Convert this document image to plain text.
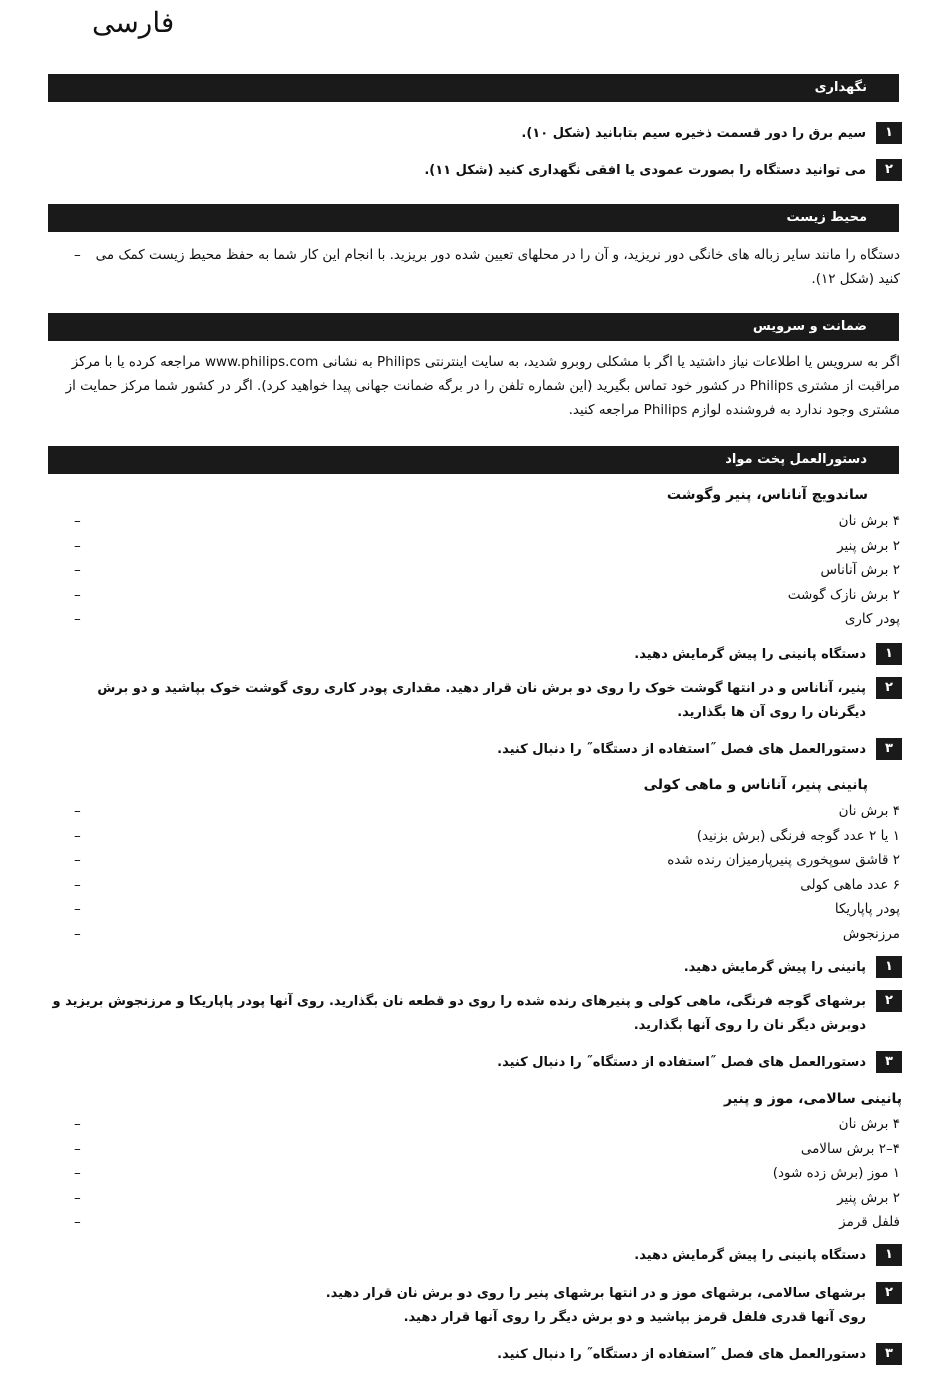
فارسی
نگهداری
۱
سیم برق را دور قسمت ذخیره سیم بتابانید (شکل ۱۰).
۲
می توانید دستگاه را بصورت عمودی یا افقی نگهداری کنید (شکل ۱۱).
محیط زیست
دستگاه را مانند سایر زباله های خانگی دور نریزید، و آن را در محلهای تعیین شده دور بریزید. با انجام این کار شما به حفظ محیط زیست کمک می کنید (شکل ۱۲).
–
ضمانت و سرویس
اگر به سرویس یا اطلاعات نیاز داشتید یا اگر با مشکلی روبرو شدید، به سایت اینترنتی Philips به نشانی www.philips.com مراجعه کرده یا با مرکز مراقبت از مشتری Philips در کشور خود تماس بگیرید (این شماره تلفن را در برگه ضمانت جهانی پیدا خواهید کرد). اگر در کشور شما مرکز حمایت از مشتری وجود ندارد به فروشنده لوازم Philips مراجعه کنید.
دستورالعمل پخت مواد
ساندویچ آناناس، پنیر وگوشت
۴ برش نان
–
۲ برش پنیر
–
۲ برش آناناس
–
۲ برش نازک گوشت
–
پودر کاری
–
۱
دستگاه پانینی را پیش گرمایش دهید.
۲
پنیر، آناناس و در انتها گوشت خوک را روی دو برش نان قرار دهید. مقداری پودر کاری روی گوشت خوک بپاشید و دو برش دیگرنان را روی آن ها بگذارید.
۳
دستورالعمل های فصل ˝استفاده از دستگاه˝ را دنبال کنید.
پانینی پنیر، آناناس و ماهی کولی
۴ برش نان
–
۱ یا ۲ عدد گوجه فرنگی (برش بزنید)
–
۲ قاشق سوپخوری پنیرپارمیزان رنده شده
–
۶ عدد ماهی کولی
–
پودر پاپاریکا
–
مرزنجوش
–
۱
پانینی را پیش گرمایش دهید.
۲
برشهای گوجه فرنگی، ماهی کولی و پنیرهای رنده شده را روی دو قطعه نان بگذارید. روی آنها پودر پاپاریکا و مرزنجوش بریزید و دوبرش دیگر نان را روی آنها بگذارید.
۳
دستورالعمل های فصل ˝استفاده از دستگاه˝ را دنبال کنید.
پانینی سالامی، موز و پنیر
۴ برش نان
–
۴–۲ برش سالامی
–
۱ موز (برش زده شود)
–
۲ برش پنیر
–
فلفل قرمز
–
۱
دستگاه پانینی را پیش گرمایش دهید.
۲
برشهای سالامی، برشهای موز و در انتها برشهای پنیر را روی دو برش نان قرار دهید.
روی آنها قدری فلفل قرمز بپاشید و دو برش دیگر را روی آنها قرار دهید.
۳
دستورالعمل های فصل ˝استفاده از دستگاه˝ را دنبال کنید.
